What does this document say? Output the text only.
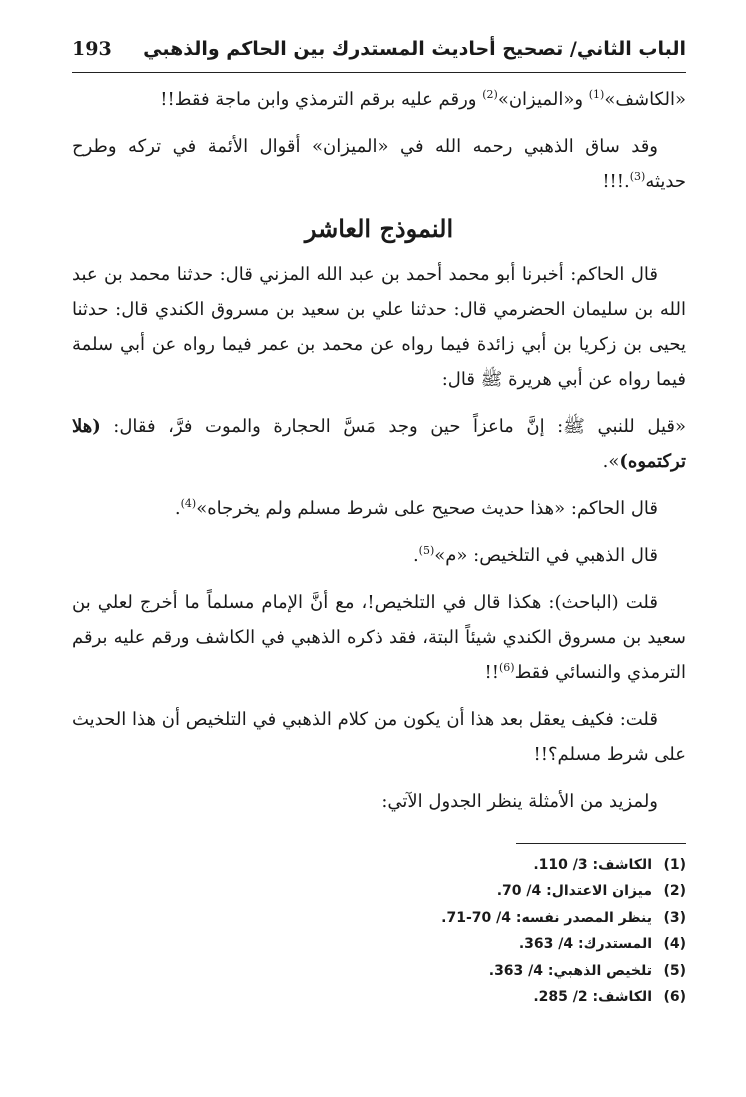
الباب الثاني/ تصحيح أحاديث المستدرك بين الحاكم والذهبي
193

«الكاشف»$^{(1)}$ و«الميزان»$^{(2)}$ ورقم عليه برقم الترمذي وابن ماجة فقط!!

وقد ساق الذهبي رحمه الله في «الميزان» أقوال الأئمة في تركه وطرح حديثه$^{(3)}$.!!!

النموذج العاشر

قال الحاكم: أخبرنا أبو محمد أحمد بن عبد الله المزني قال: حدثنا محمد بن عبد الله بن سليمان الحضرمي قال: حدثنا علي بن سعيد بن مسروق الكندي قال: حدثنا يحيى بن زكريا بن أبي زائدة فيما رواه عن محمد بن عمر فيما رواه عن أبي سلمة فيما رواه عن أبي هريرة ﷺ قال:

«قيل للنبي ﷺ: إنَّ ماعزاً حين وجد مَسَّ الحجارة والموت فرَّ، فقال: (هلا تركتموه)».

قال الحاكم: «هذا حديث صحيح على شرط مسلم ولم يخرجاه»$^{(4)}$.

قال الذهبي في التلخيص: «م»$^{(5)}$.

قلت (الباحث): هكذا قال في التلخيص!، مع أنَّ الإمام مسلماً ما أخرج لعلي بن سعيد بن مسروق الكندي شيئاً البتة، فقد ذكره الذهبي في الكاشف ورقم عليه برقم الترمذي والنسائي فقط$^{(6)}$!!

قلت: فكيف يعقل بعد هذا أن يكون من كلام الذهبي في التلخيص أن هذا الحديث على شرط مسلم؟!!

ولمزيد من الأمثلة ينظر الجدول الآتي:

(1)الكاشف: 3/ 110.
(2)ميزان الاعتدال: 4/ 70.
(3)ينظر المصدر نفسه: 4/ 70-71.
(4)المستدرك: 4/ 363.
(5)تلخيص الذهبي: 4/ 363.
(6)الكاشف: 2/ 285.
